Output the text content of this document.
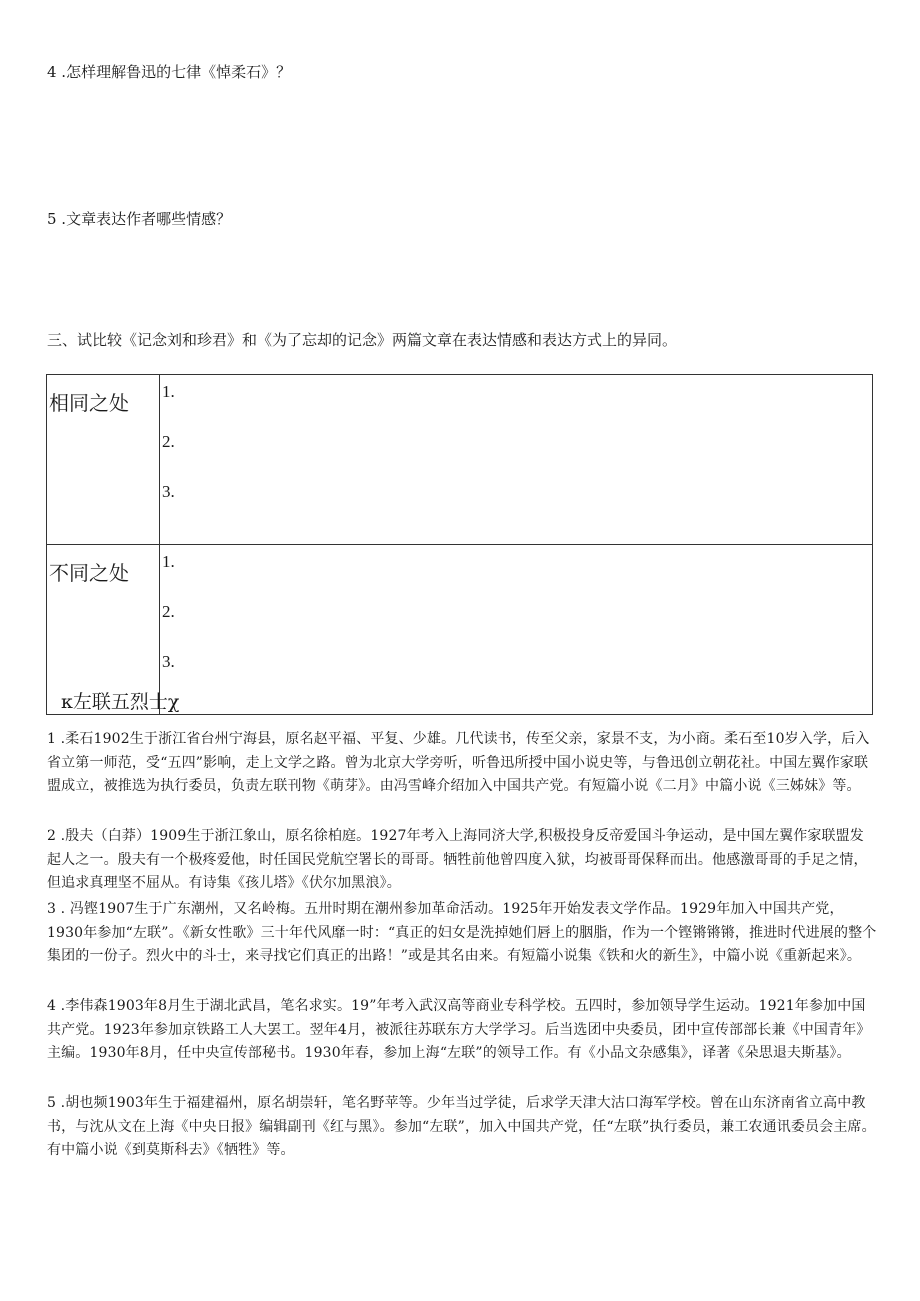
4 .怎样理解鲁迅的七律《悼柔石》？
5 .文章表达作者哪些情感？
三、试比较《记念刘和珍君》和《为了忘却的记念》两篇文章在表达情感和表达方式上的异同。
相同之处	1.
2.
3.

不同之处	1.
2.
3.
κ左联五烈士χ
1 .柔石1902生于浙江省台州宁海县，原名赵平福、平复、少雄。几代读书，传至父亲，家景不支，为小商。柔石至10岁入学，后入省立第一师范，受“五四”影响，走上文学之路。曾为北京大学旁听，听鲁迅所授中国小说史等，与鲁迅创立朝花社。中国左翼作家联盟成立，被推选为执行委员，负责左联刊物《萌芽》。由冯雪峰介绍加入中国共产党。有短篇小说《二月》中篇小说《三姊妹》等。
2 .殷夫（白莽）1909生于浙江象山，原名徐柏庭。1927年考入上海同济大学,积极投身反帝爱国斗争运动，是中国左翼作家联盟发起人之一。殷夫有一个极疼爱他，时任国民党航空署长的哥哥。牺牲前他曾四度入狱，均被哥哥保释而出。他感激哥哥的手足之情，但追求真理坚不屈从。有诗集《孩儿塔》《伏尔加黑浪》。
3 . 冯铿1907生于广东潮州，又名岭梅。五卅时期在潮州参加革命活动。1925年开始发表文学作品。1929年加入中国共产党，1930年参加“左联”。《新女性歌》三十年代风靡一时：“真正的妇女是洗掉她们唇上的胭脂，作为一个铿锵锵锵，推进时代进展的整个集团的一份子。烈火中的斗士，来寻找它们真正的出路！”或是其名由来。有短篇小说集《铁和火的新生》，中篇小说《重新起来》。
4 .李伟森1903年8月生于湖北武昌，笔名求实。19”年考入武汉高等商业专科学校。五四时，参加领导学生运动。1921年参加中国共产党。1923年参加京铁路工人大罢工。翌年4月，被派往苏联东方大学学习。后当选团中央委员，团中宣传部部长兼《中国青年》主编。1930年8月，任中央宣传部秘书。1930年春，参加上海“左联”的领导工作。有《小品文杂感集》，译著《朵思退夫斯基》。
5 .胡也频1903年生于福建福州，原名胡崇轩，笔名野苹等。少年当过学徒，后求学天津大沽口海军学校。曾在山东济南省立高中教书，与沈从文在上海《中央日报》编辑副刊《红与黑》。参加“左联”，加入中国共产党，任“左联”执行委员，兼工农通讯委员会主席。有中篇小说《到莫斯科去》《牺牲》等。
